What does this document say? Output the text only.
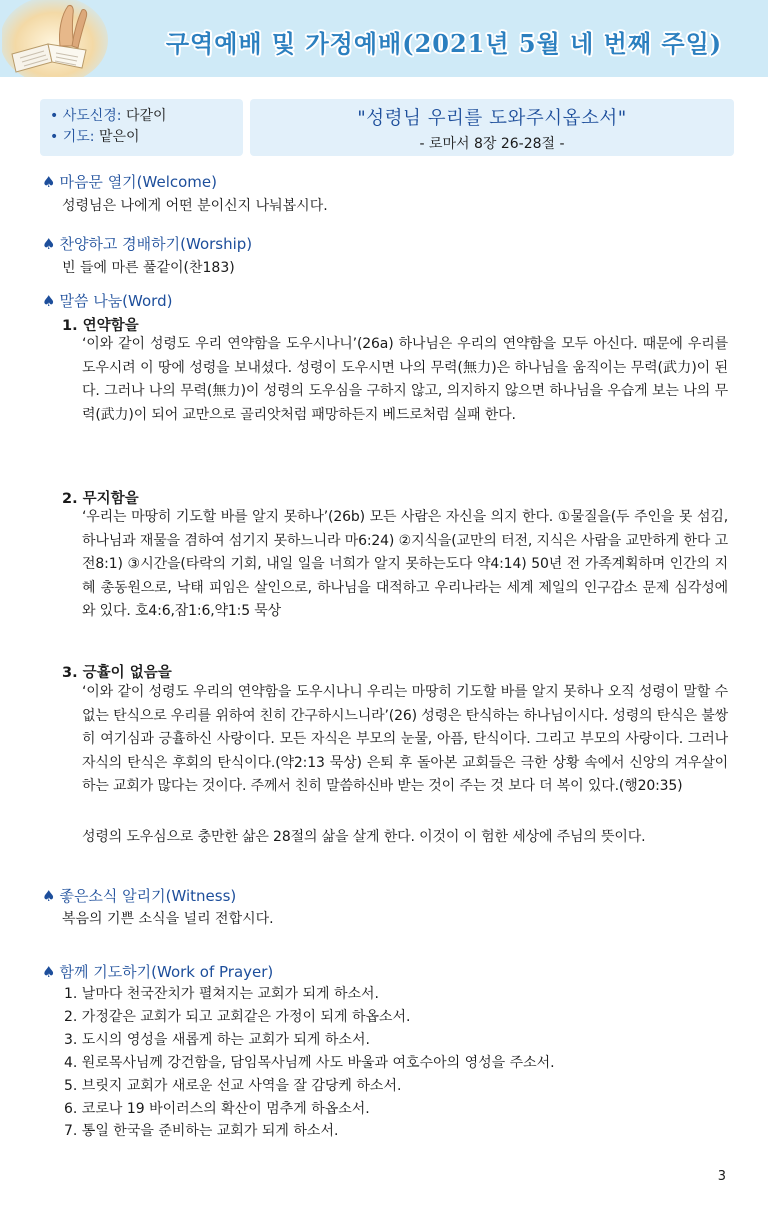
구역예배 및 가정예배(2021년 5월 네 번째 주일)
• 사도신경: 다같이
• 기도: 맡은이
"성령님 우리를 도와주시옵소서"
- 로마서 8장 26-28절 -
♠ 마음문 열기(Welcome)
성령님은 나에게 어떤 분이신지 나눠봅시다.
♠ 찬양하고 경배하기(Worship)
빈 들에 마른 풀같이(찬183)
♠ 말씀 나눔(Word)
1. 연약함을
‘이와 같이 성령도 우리 연약함을 도우시나니’(26a) 하나님은 우리의 연약함을 모두 아신다. 때문에 우리를 도우시려 이 땅에 성령을 보내셨다. 성령이 도우시면 나의 무력(無力)은 하나님을 움직이는 무력(武力)이 된다. 그러나 나의 무력(無力)이 성령의 도우심을 구하지 않고, 의지하지 않으면 하나님을 우습게 보는 나의 무력(武力)이 되어 교만으로 골리앗처럼 패망하든지 베드로처럼 실패 한다.
2. 무지함을
‘우리는 마땅히 기도할 바를 알지 못하나’(26b) 모든 사람은 자신을 의지 한다. ①물질을(두 주인을 못 섬김, 하나님과 재물을 겸하여 섬기지 못하느니라 마6:24) ②지식을(교만의 터전, 지식은 사람을 교만하게 한다 고전8:1) ③시간을(타락의 기회, 내일 일을 너희가 알지 못하는도다 약4:14) 50년 전 가족계획하며 인간의 지혜 총동원으로, 낙태 피임은 살인으로, 하나님을 대적하고 우리나라는 세계 제일의 인구감소 문제 심각성에 와 있다. 호4:6,잠1:6,약1:5 묵상
3. 긍휼이 없음을
‘이와 같이 성령도 우리의 연약함을 도우시나니 우리는 마땅히 기도할 바를 알지 못하나 오직 성령이 말할 수 없는 탄식으로 우리를 위하여 친히 간구하시느니라’(26) 성령은 탄식하는 하나님이시다. 성령의 탄식은 불쌍히 여기심과 긍휼하신 사랑이다. 모든 자식은 부모의 눈물, 아픔, 탄식이다. 그리고 부모의 사랑이다. 그러나 자식의 탄식은 후회의 탄식이다.(약2:13 묵상) 은퇴 후 돌아본 교회들은 극한 상황 속에서 신앙의 겨우살이 하는 교회가 많다는 것이다. 주께서 친히 말씀하신바 받는 것이 주는 것 보다 더 복이 있다.(행20:35)
성령의 도우심으로 충만한 삶은 28절의 삶을 살게 한다. 이것이 이 험한 세상에 주님의 뜻이다.
♠ 좋은소식 알리기(Witness)
복음의 기쁜 소식을 널리 전합시다.
♠ 함께 기도하기(Work of Prayer)
1. 날마다 천국잔치가 펼쳐지는 교회가 되게 하소서.
2. 가정같은 교회가 되고 교회같은 가정이 되게 하옵소서.
3. 도시의 영성을 새롭게 하는 교회가 되게 하소서.
4. 원로목사님께 강건함을, 담임목사님께 사도 바울과 여호수아의 영성을 주소서.
5. 브릿지 교회가 새로운 선교 사역을 잘 감당케 하소서.
6. 코로나 19 바이러스의 확산이 멈추게 하옵소서.
7. 통일 한국을 준비하는 교회가 되게 하소서.
3
